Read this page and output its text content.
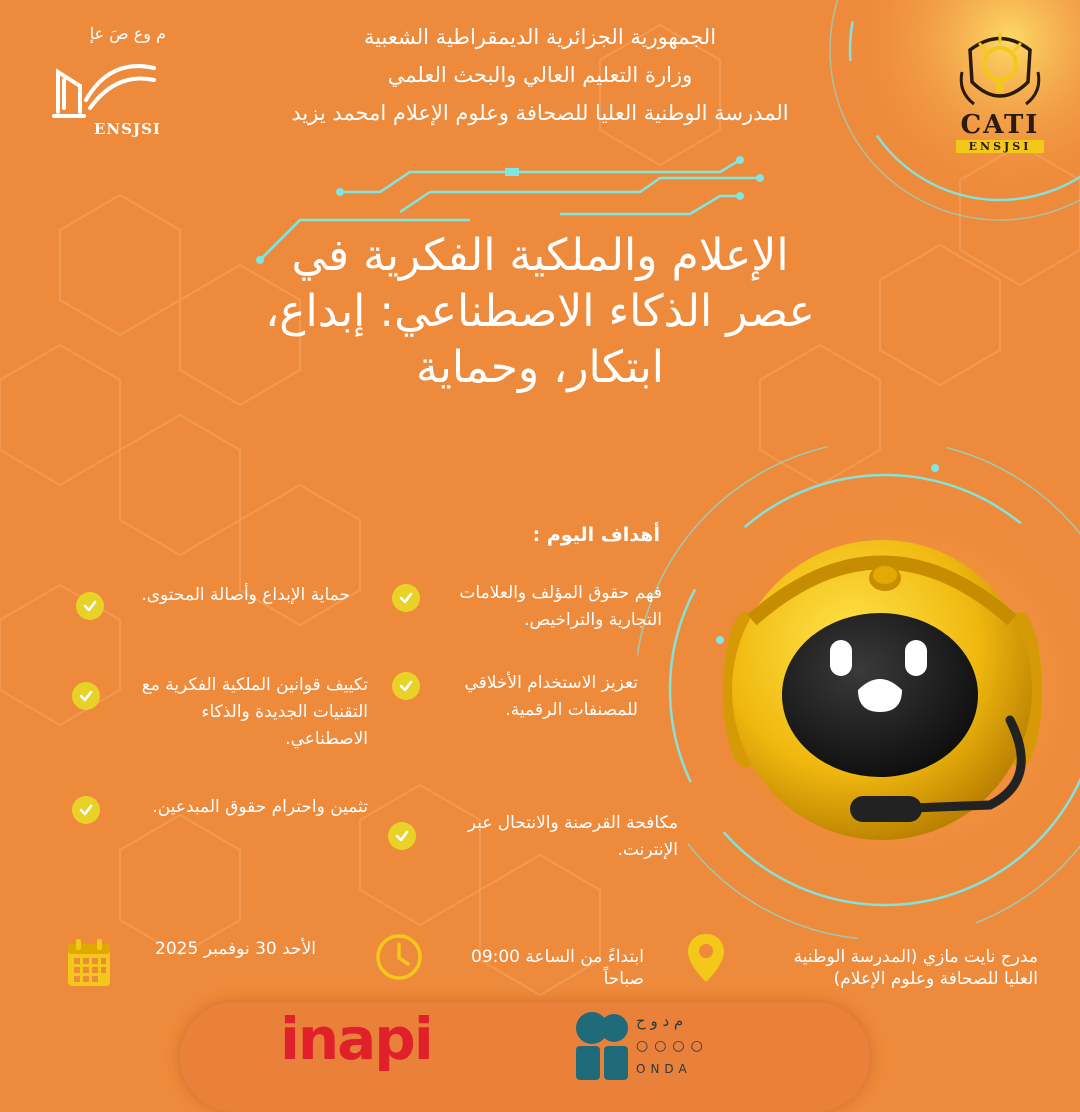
م وع صَ عإ
ENSJSI	CATI
ENSJSI
الجمهورية الجزائرية الديمقراطية الشعبية
وزارة التعليم العالي والبحث العلمي
المدرسة الوطنية العليا للصحافة وعلوم الإعلام امحمد يزيد
الإعلام والملكية الفكرية في
عصر الذكاء الاصطناعي: إبداع،
ابتكار، وحماية
أهداف اليوم :
فهم حقوق المؤلف والعلامات
التجارية والتراخيص.
تعزيز الاستخدام الأخلاقي
للمصنفات الرقمية.
مكافحة القرصنة والانتحال عبر
الإنترنت.
حماية الإبداع وأصالة المحتوى.
تكييف قوانين الملكية الفكرية مع
التقنيات الجديدة والذكاء
الاصطناعي.
تثمين واحترام حقوق المبدعين.
الأحد 30 نوفمبر 2025	ابتداءً من الساعة 09:00
صباحاً
مدرج نايت مازي (المدرسة الوطنية
العليا للصحافة وعلوم الإعلام)
inapi	م د و ح
○○○○
ONDA
